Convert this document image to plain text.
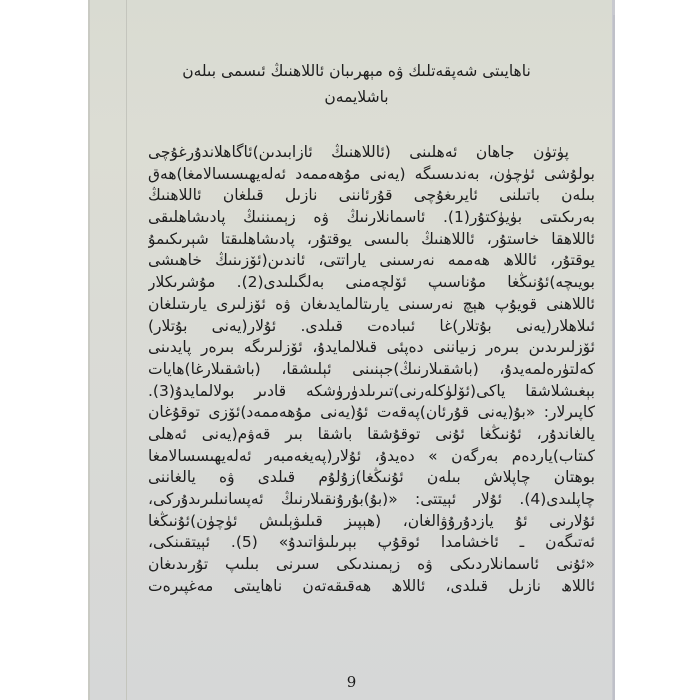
ناھايىتى شەپقەتلىك ۋە مېھرىبان ئاللاھنىڭ ئىسمى بىلەن
باشلايمەن
پۈتۈن جاھان ئەھلىنى (ئاللاھنىڭ ئازابىدىن)ئاگاھلاندۇرغۇچى
بولۇشى ئۈچۈن، بەندىسىگە (يەنى مۇھەممەد ئەلەيھىسسالامغا)ھەق
بىلەن باتىلنى ئايرىغۇچى قۇرئاننى نازىل قىلغان ئاللاھنىڭ
بەرىكىتى بۈيۈكتۇر(1). ئاسمانلارنىڭ ۋە زېمىننىڭ پادىشاھلىقى
ئاللاھقا خاستۇر، ئاللاھنىڭ بالىسى يوقتۇر، پادىشاھلىقتا شېرىكىمۇ
يوقتۇر، ئاللاھ ھەممە نەرسىنى ياراتتى، ئاندىن(ئۆزىنىڭ خاھىشى
بويىچە)ئۇنىڭغا مۇناسىپ ئۆلچەمنى بەلگىلىدى(2). مۇشرىكلار
ئاللاھنى قويۇپ ھېچ نەرسىنى يارىتالمايدىغان ۋە ئۆزلىرى يارىتىلغان
ئىلاھلار(يەنى بۇتلار)غا ئىبادەت قىلدى. ئۇلار(يەنى بۇتلار)
ئۆزلىرىدىن بىرەر زىياننى دەپئى قىلالمايدۇ، ئۆزلىرىگە بىرەر پايدىنى
كەلتۈرەلمەيدۇ، (باشقىلارنىڭ)جېنىنى ئېلىشقا، (باشقىلارغا)ھايات
بېغىشلاشقا ياكى(ئۆلۈكلەرنى)تىرىلدۈرۈشكە قادىر بولالمايدۇ(3).
كاپىرلار: «بۇ(يەنى قۇرئان)پەقەت ئۇ(يەنى مۇھەممەد)ئۆزى توقۇغان
يالغاندۇر، ئۇنىڭغا ئۇنى توقۇشقا باشقا بىر قەۋم(يەنى ئەھلى
كىتاب)ياردەم بەرگەن » دەيدۇ، ئۇلار(پەيغەمبەر ئەلەيھىسسالامغا
بوھتان چاپلاش بىلەن ئۇنىڭغا)زۇلۇم قىلدى ۋە يالغاننى
چاپلىدى(4). ئۇلار ئېيتتى: «(بۇ)بۇرۇنقىلارنىڭ ئەپسانىلىرىدۇركى،
ئۇلارنى ئۇ يازدۇرۇۋالغان، (ھېپىز قىلىۋېلىش ئۈچۈن)ئۇنىڭغا
ئەتىگەن ـ ئاخشامدا ئوقۇپ بېرىلىۋاتىدۇ» (5). ئېيتقىنكى،
«ئۇنى ئاسمانلاردىكى ۋە زېمىندىكى سىرنى بىلىپ تۇرىدىغان
ئاللاھ نازىل قىلدى، ئاللاھ ھەقىقەتەن ناھايىتى مەغپىرەت
9
